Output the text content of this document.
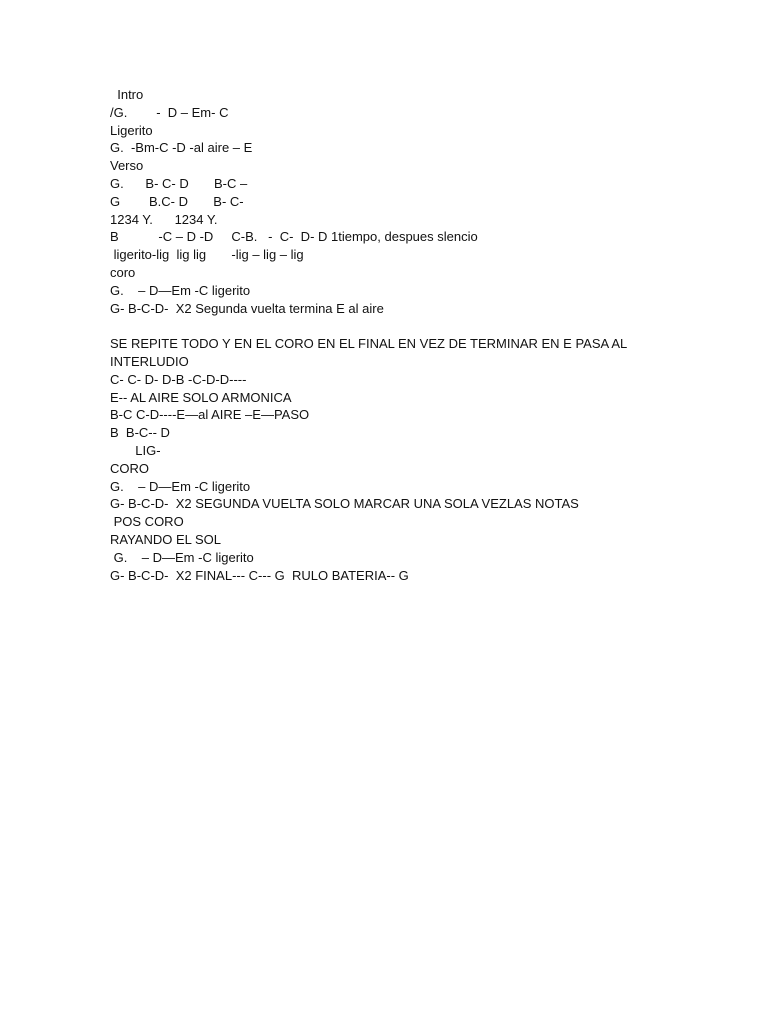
Intro
/G.        -  D – Em- C
Ligerito
G.  -Bm-C -D -al aire – E
Verso
G.      B- C- D       B-C –
G        B.C- D       B- C-
1234 Y.      1234 Y.
B           -C – D -D     C-B.   -  C-  D- D 1tiempo, despues slencio
ligerito-lig  lig lig       -lig – lig – lig
coro
G.    – D—Em -C ligerito
G- B-C-D-  X2 Segunda vuelta termina E al aire
SE REPITE TODO Y EN EL CORO EN EL FINAL EN VEZ DE TERMINAR EN E PASA AL
INTERLUDIO
C- C- D- D-B -C-D-D----
E-- AL AIRE SOLO ARMONICA
B-C C-D----E—al AIRE –E—PASO
B  B-C-- D
LIG-
CORO
G.    – D—Em -C ligerito
G- B-C-D-  X2 SEGUNDA VUELTA SOLO MARCAR UNA SOLA VEZLAS NOTAS
POS CORO
RAYANDO EL SOL
G.    – D—Em -C ligerito
G- B-C-D-  X2 FINAL--- C--- G  RULO BATERIA-- G
